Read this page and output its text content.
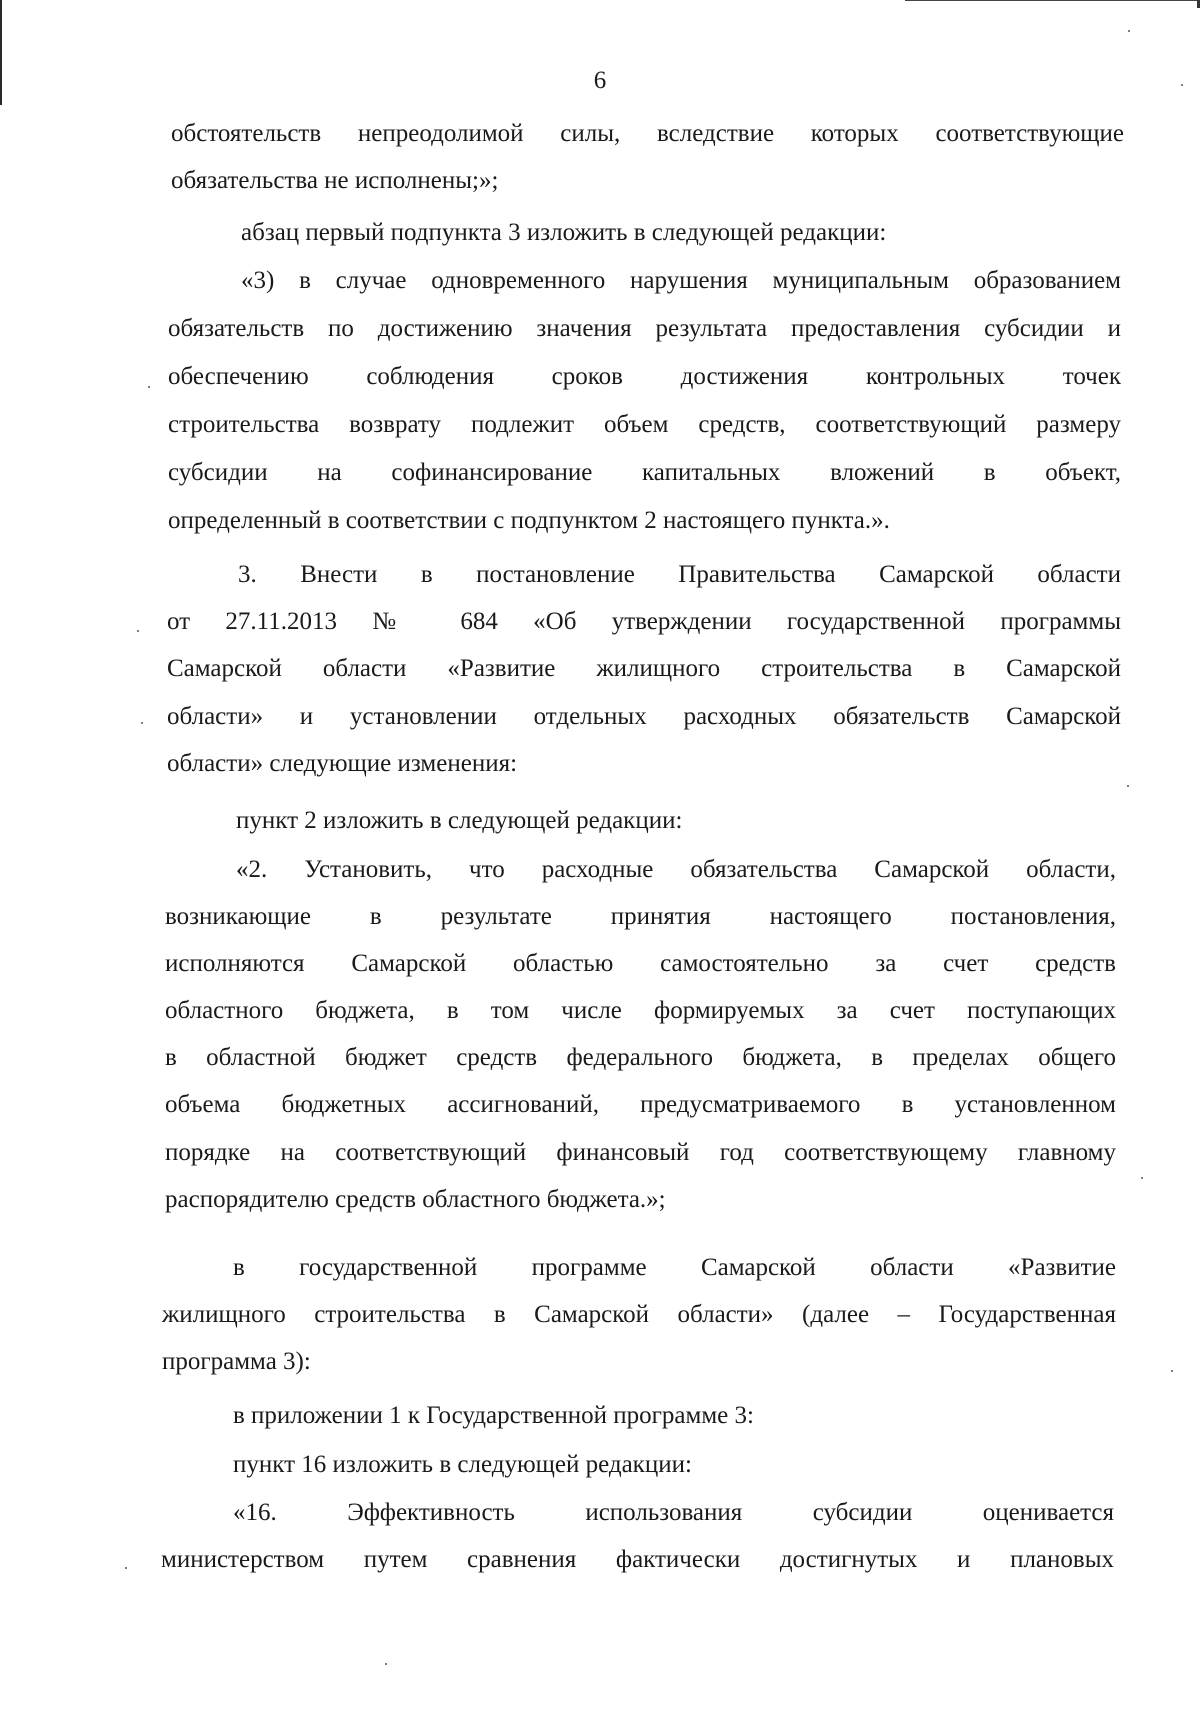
6
обстоятельств непреодолимой силы, вследствие которых соответствующие
обязательства не исполнены;»;
абзац первый подпункта 3 изложить в следующей редакции:
«3) в случае одновременного нарушения муниципальным образованием
обязательств по достижению значения результата предоставления субсидии и
обеспечению соблюдения сроков достижения контрольных точек
строительства возврату подлежит объем средств, соответствующий размеру
субсидии на софинансирование капитальных вложений в объект,
определенный в соответствии с подпунктом 2 настоящего пункта.».
3. Внести в постановление Правительства Самарской области
от 27.11.2013 № 684 «Об утверждении государственной программы
Самарской области «Развитие жилищного строительства в Самарской
области» и установлении отдельных расходных обязательств Самарской
области» следующие изменения:
пункт 2 изложить в следующей редакции:
«2. Установить, что расходные обязательства Самарской области,
возникающие в результате принятия настоящего постановления,
исполняются Самарской областью самостоятельно за счет средств
областного бюджета, в том числе формируемых за счет поступающих
в областной бюджет средств федерального бюджета, в пределах общего
объема бюджетных ассигнований, предусматриваемого в установленном
порядке на соответствующий финансовый год соответствующему главному
распорядителю средств областного бюджета.»;
в государственной программе Самарской области «Развитие
жилищного строительства в Самарской области» (далее – Государственная
программа 3):
в приложении 1 к Государственной программе 3:
пункт 16 изложить в следующей редакции:
«16. Эффективность использования субсидии оценивается
министерством путем сравнения фактически достигнутых и плановых
